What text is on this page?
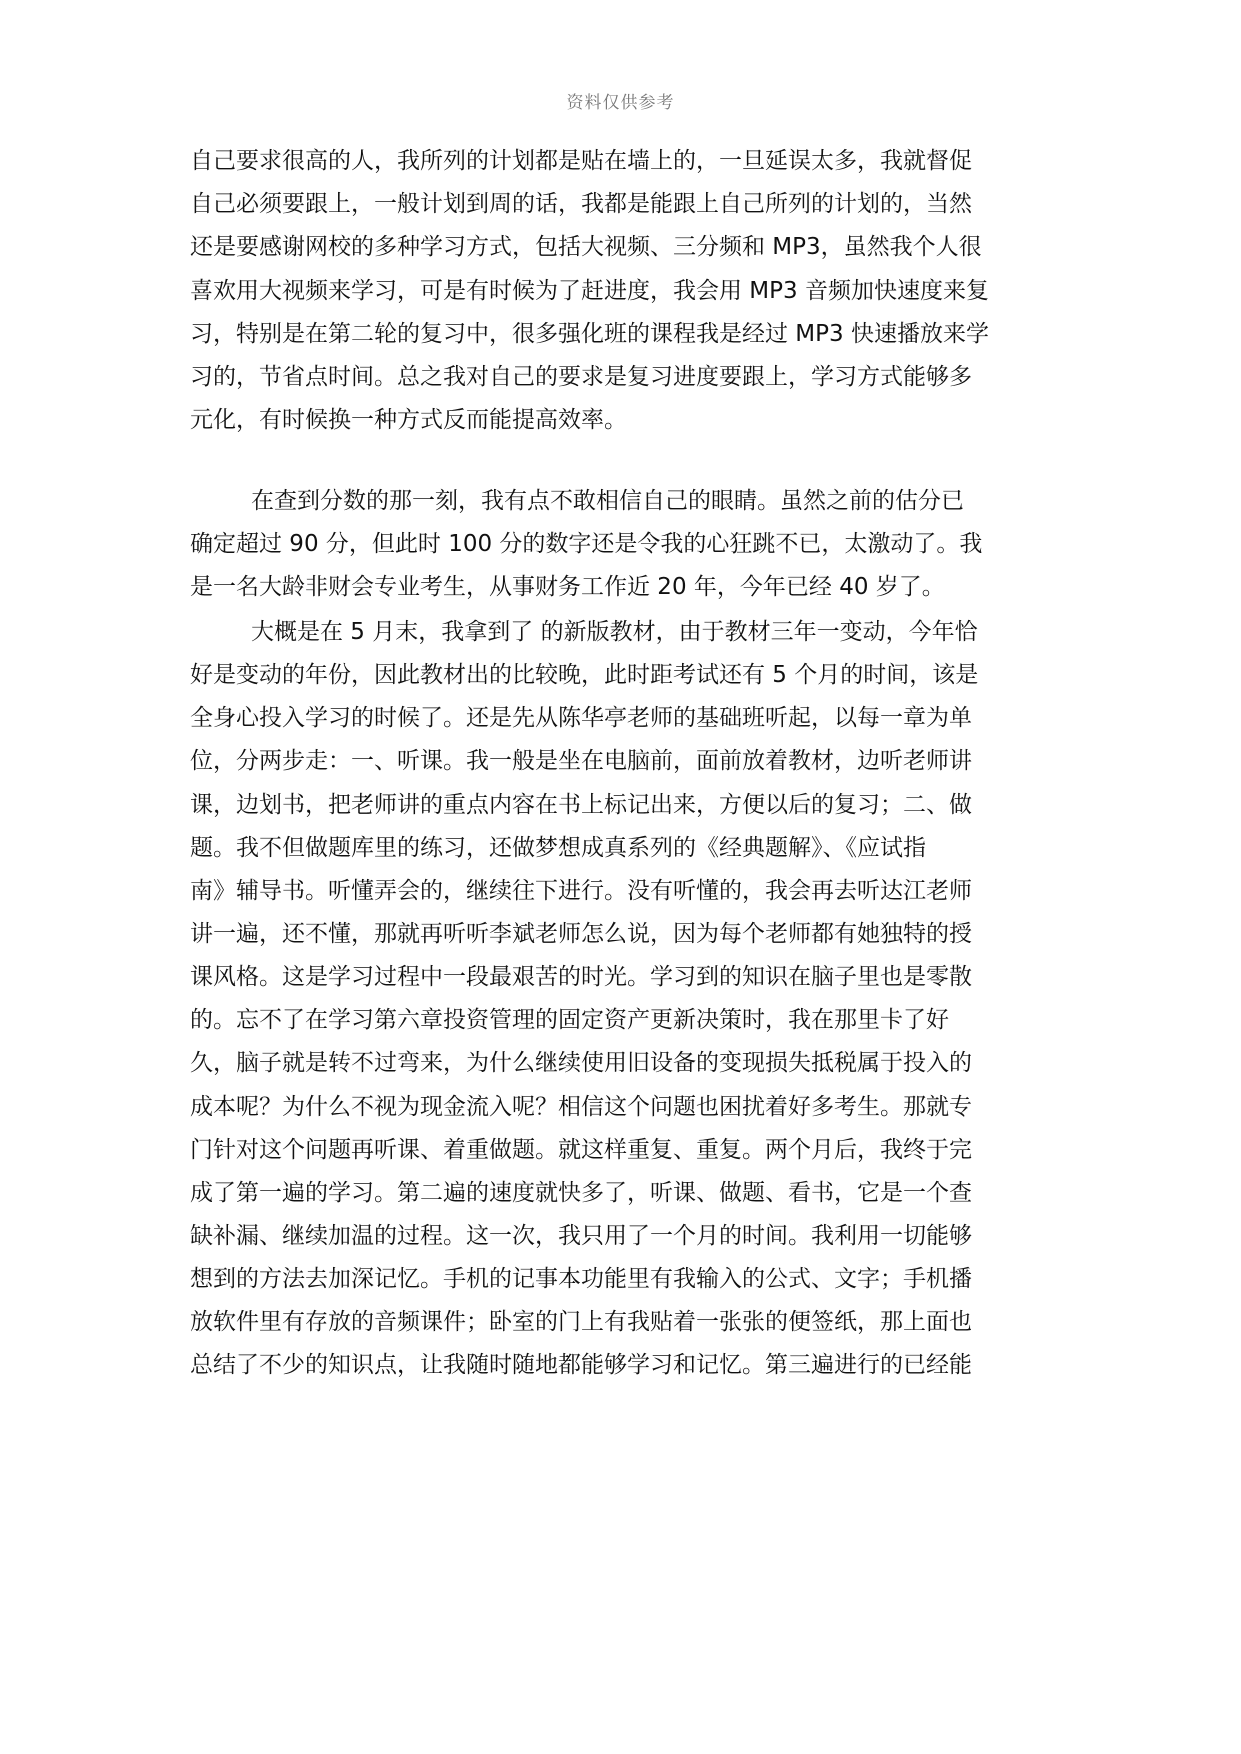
资料仅供参考

自己要求很高的人，我所列的计划都是贴在墙上的，一旦延误太多，我就督促

自己必须要跟上，一般计划到周的话，我都是能跟上自己所列的计划的，当然

还是要感谢网校的多种学习方式，包括大视频、三分频和 MP3，虽然我个人很

喜欢用大视频来学习，可是有时候为了赶进度，我会用 MP3 音频加快速度来复

习，特别是在第二轮的复习中，很多强化班的课程我是经过 MP3 快速播放来学

习的，节省点时间。总之我对自己的要求是复习进度要跟上，学习方式能够多

元化，有时候换一种方式反而能提高效率。

在查到分数的那一刻，我有点不敢相信自己的眼睛。虽然之前的估分已

确定超过 90 分，但此时 100 分的数字还是令我的心狂跳不已，太激动了。我

是一名大龄非财会专业考生，从事财务工作近 20 年，今年已经 40 岁了。

大概是在 5 月末，我拿到了 的新版教材，由于教材三年一变动，今年恰

好是变动的年份，因此教材出的比较晚，此时距考试还有 5 个月的时间，该是

全身心投入学习的时候了。还是先从陈华亭老师的基础班听起，以每一章为单

位，分两步走：一、听课。我一般是坐在电脑前，面前放着教材，边听老师讲

课，边划书，把老师讲的重点内容在书上标记出来，方便以后的复习；二、做

题。我不但做题库里的练习，还做梦想成真系列的《经典题解》、《应试指

南》辅导书。听懂弄会的，继续往下进行。没有听懂的，我会再去听达江老师

讲一遍，还不懂，那就再听听李斌老师怎么说，因为每个老师都有她独特的授

课风格。这是学习过程中一段最艰苦的时光。学习到的知识在脑子里也是零散

的。忘不了在学习第六章投资管理的固定资产更新决策时，我在那里卡了好

久，脑子就是转不过弯来，为什么继续使用旧设备的变现损失抵税属于投入的

成本呢？为什么不视为现金流入呢？相信这个问题也困扰着好多考生。那就专

门针对这个问题再听课、着重做题。就这样重复、重复。两个月后，我终于完

成了第一遍的学习。第二遍的速度就快多了，听课、做题、看书，它是一个查

缺补漏、继续加温的过程。这一次，我只用了一个月的时间。我利用一切能够

想到的方法去加深记忆。手机的记事本功能里有我输入的公式、文字；手机播

放软件里有存放的音频课件；卧室的门上有我贴着一张张的便签纸，那上面也

总结了不少的知识点，让我随时随地都能够学习和记忆。第三遍进行的已经能
